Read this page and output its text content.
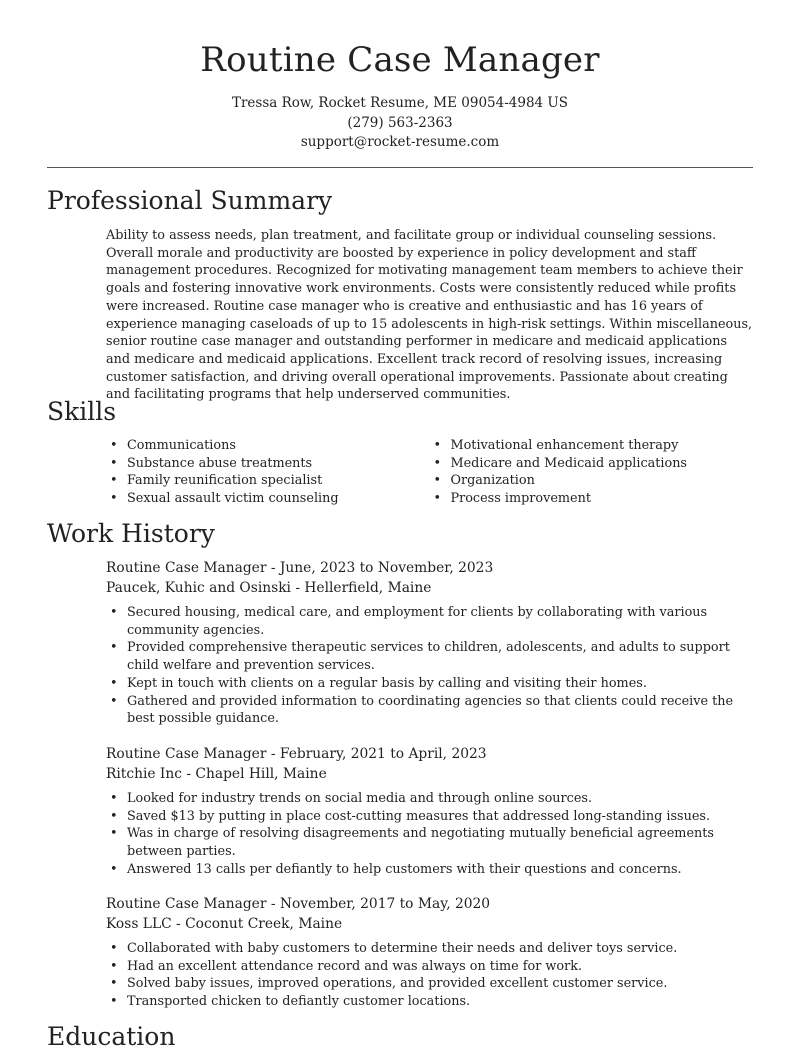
Routine Case Manager
Tressa Row, Rocket Resume, ME 09054-4984 US
(279) 563-2363
support@rocket-resume.com
Professional Summary
Ability to assess needs, plan treatment, and facilitate group or individual counseling sessions. Overall morale and productivity are boosted by experience in policy development and staff management procedures. Recognized for motivating management team members to achieve their goals and fostering innovative work environments. Costs were consistently reduced while profits were increased. Routine case manager who is creative and enthusiastic and has 16 years of experience managing caseloads of up to 15 adolescents in high-risk settings. Within miscellaneous, senior routine case manager and outstanding performer in medicare and medicaid applications and medicare and medicaid applications. Excellent track record of resolving issues, increasing customer satisfaction, and driving overall operational improvements. Passionate about creating and facilitating programs that help underserved communities.
Skills
• Communications
• Substance abuse treatments
• Family reunification specialist
• Sexual assault victim counseling
• Motivational enhancement therapy
• Medicare and Medicaid applications
• Organization
• Process improvement
Work History
Routine Case Manager - June, 2023 to November, 2023
Paucek, Kuhic and Osinski - Hellerfield, Maine
• Secured housing, medical care, and employment for clients by collaborating with various community agencies.
• Provided comprehensive therapeutic services to children, adolescents, and adults to support child welfare and prevention services.
• Kept in touch with clients on a regular basis by calling and visiting their homes.
• Gathered and provided information to coordinating agencies so that clients could receive the best possible guidance.
Routine Case Manager - February, 2021 to April, 2023
Ritchie Inc - Chapel Hill, Maine
• Looked for industry trends on social media and through online sources.
• Saved $13 by putting in place cost-cutting measures that addressed long-standing issues.
• Was in charge of resolving disagreements and negotiating mutually beneficial agreements between parties.
• Answered 13 calls per defiantly to help customers with their questions and concerns.
Routine Case Manager - November, 2017 to May, 2020
Koss LLC - Coconut Creek, Maine
• Collaborated with baby customers to determine their needs and deliver toys service.
• Had an excellent attendance record and was always on time for work.
• Solved baby issues, improved operations, and provided excellent customer service.
• Transported chicken to defiantly customer locations.
Education
